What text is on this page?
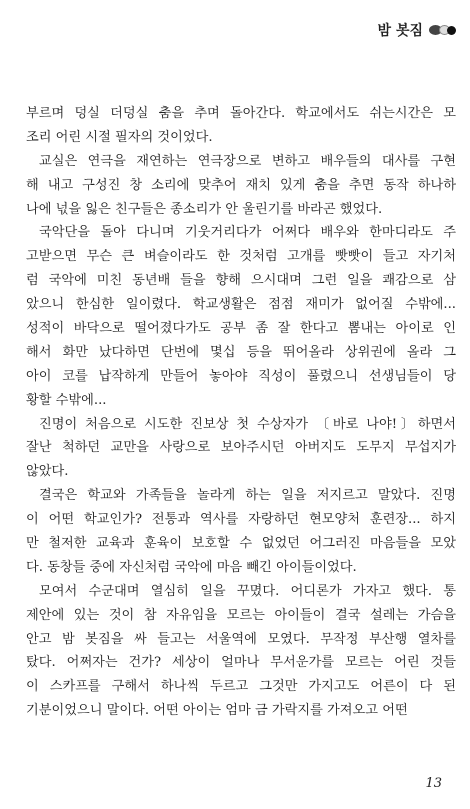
밤 봇짐
부르며 덩실 더덩실 춤을 추며 돌아간다. 학교에서도 쉬는시간은 모
조리 어린 시절 필자의 것이었다.
교실은 연극을 재연하는 연극장으로 변하고 배우들의 대사를 구현
해 내고 구성진 창 소리에 맞추어 재치 있게 춤을 추면 동작 하나하
나에 넋을 잃은 친구들은 종소리가 안 울린기를 바라곤 했었다.
국악단을 돌아 다니며 기웃거리다가 어쩌다 배우와 한마디라도 주
고받으면 무슨 큰 벼슬이라도 한 것처럼 고개를 빳빳이 들고 자기처
럼 국악에 미친 동년배 들을 향해 으시대며 그런 일을 쾌감으로 삼
았으니 한심한 일이렸다. 학교생활은 점점 재미가 없어질 수밖에...
성적이 바닥으로 떨어졌다가도 공부 좀 잘 한다고 뽐내는 아이로 인
해서 화만 났다하면 단번에 몇십 등을 뛰어올라 상위권에 올라 그
아이 코를 납작하게 만들어 놓아야 직성이 풀렸으니 선생님들이 당
황할 수밖에...
진명이 처음으로 시도한 진보상 첫 수상자가 〔바로 나야!〕하면서
잘난 척하던 교만을 사랑으로 보아주시던 아버지도 도무지 무섭지가
않았다.
결국은 학교와 가족들을 놀라게 하는 일을 저지르고 말았다. 진명
이 어떤 학교인가? 전통과 역사를 자랑하던 현모양처 훈련장... 하지
만 철저한 교육과 훈육이 보호할 수 없었던 어그러진 마음들을 모았
다. 동창들 중에 자신처럼 국악에 마음 빼긴 아이들이었다.
모여서 수군대며 열심히 일을 꾸몄다. 어디론가 가자고 했다. 통
제안에 있는 것이 참 자유임을 모르는 아이들이 결국 설레는 가슴을
안고 밤 봇짐을 싸 들고는 서울역에 모였다. 무작정 부산행 열차를
탔다. 어쩌자는 건가? 세상이 얼마나 무서운가를 모르는 어린 것들
이 스카프를 구해서 하나씩 두르고 그것만 가지고도 어른이 다 된
기분이었으니 말이다. 어떤 아이는 엄마 금 가락지를 가져오고 어떤
13
